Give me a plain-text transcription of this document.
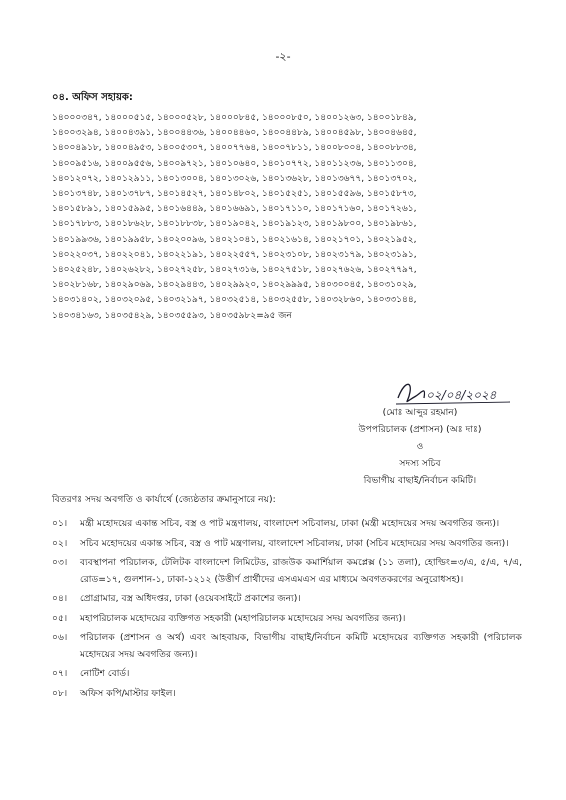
-২-
০৪. অফিস সহায়ক:
১৪০০০৩৪৭, ১৪০০০৫১৫, ১৪০০০৫২৮, ১৪০০০৮৪৫, ১৪০০০৮৫০, ১৪০০১২৬৩, ১৪০০১৮৪৯,
১৪০০৩২৯৪, ১৪০০৪৩৯১, ১৪০০৪৪৩৬, ১৪০০৪৪৬০, ১৪০০৪৪৮৯, ১৪০০৪৫৯৮, ১৪০০৪৬৪৫,
১৪০০৪৯১৮, ১৪০০৪৯৫৩, ১৪০০৫৩০৭, ১৪০০৭৭৬৪, ১৪০০৭৮১১, ১৪০০৮০০৪, ১৪০০৮৮৩৪,
১৪০০৯৫১৬, ১৪০০৯৫৫৬, ১৪০০৯৭২১, ১৪০১০৬৪০, ১৪০১০৭৭২, ১৪০১১২৩৬, ১৪০১১৩০৪,
১৪০১২০৭২, ১৪০১২৯১১, ১৪০১৩০০৪, ১৪০১৩০২৬, ১৪০১৩৬২৮, ১৪০১৩৬৭৭, ১৪০১৩৭০২,
১৪০১৩৭৪৮, ১৪০১৩৭৮৭, ১৪০১৪৫২৭, ১৪০১৪৮০২, ১৪০১৫২৫১, ১৪০১৫৫৯৬, ১৪০১৫৮৭৩,
১৪০১৫৮৯১, ১৪০১৫৯৯৫, ১৪০১৬৪৪৯, ১৪০১৬৬৯১, ১৪০১৭১১০, ১৪০১৭১৬০, ১৪০১৭২৬১,
১৪০১৭৮৮৩, ১৪০১৮৬২৮, ১৪০১৮৮৩৮, ১৪০১৯০৪২, ১৪০১৯১২৩, ১৪০১৯৮০০, ১৪০১৯৮৬১,
১৪০১৯৯৩৬, ১৪০১৯৯৫৮, ১৪০২০০৯৬, ১৪০২১০৪১, ১৪০২১৬১৪, ১৪০২১৭০১, ১৪০২১৯৫২,
১৪০২২০৩৭, ১৪০২২০৪১, ১৪০২২১৯১, ১৪০২২৫৫৭, ১৪০২৩১০৮, ১৪০২৩১৭৯, ১৪০২৩১৯১,
১৪০২৫২৪৮, ১৪০২৬২৮২, ১৪০২৭২৫৮, ১৪০২৭৩১৬, ১৪০২৭৫১৮, ১৪০২৭৬২৬, ১৪০২৭৭৯৭,
১৪০২৮১৬৮, ১৪০২৯০৬৯, ১৪০২৯৪৪৩, ১৪০২৯৯২০, ১৪০২৯৯৯৫, ১৪০৩০০৪৫, ১৪০৩১০২৯,
১৪০৩১৪০২, ১৪০৩২০৯৫, ১৪০৩২১৯৭, ১৪০৩২৫১৪, ১৪০৩২৫৫৮, ১৪০৩২৮৬০, ১৪০৩৩১৪৪,
১৪০৩৪১৬৩, ১৪০৩৫৪২৯, ১৪০৩৫৫৯৩, ১৪০৩৫৯৮২=৯৫ জন
০২/০৪/২০২৪
(মোঃ আব্দুর রহমান)
উপপরিচালক (প্রশাসন) (অঃ দাঃ)
ও
সদস্য সচিব
বিভাগীয় বাছাই/নির্বাচন কমিটি।
বিতরণঃ সদয় অবগতি ও কার্যার্থে (জ্যেষ্ঠতার ক্রমানুসারে নয়):
০১।	মন্ত্রী মহোদয়ের একান্ত সচিব, বস্ত্র ও পাট মন্ত্রণালয়, বাংলাদেশ সচিবালয়, ঢাকা (মন্ত্রী মহোদয়ের সদয় অবগতির জন্য)।
০২।	সচিব মহোদয়ের একান্ত সচিব, বস্ত্র ও পাট মন্ত্রণালয়, বাংলাদেশ সচিবালয়, ঢাকা (সচিব মহোদয়ের সদয় অবগতির জন্য)।
০৩।	ব্যবস্থাপনা পরিচালক, টেলিটক বাংলাদেশ লিমিটেড, রাজউক কমার্শিয়াল কমপ্লেক্স (১১ তলা), হোল্ডিং=৩/এ, ৫/এ, ৭/এ, রোড=১৭, গুলশান-১, ঢাকা-১২১২ (উত্তীর্ণ প্রার্থীদের এসএমএস এর মাধ্যমে অবগতকরণের অনুরোধসহ)।
০৪।	প্রোগ্রামার, বস্ত্র অধিদপ্তর, ঢাকা (ওয়েবসাইটে প্রকাশের জন্য)।
০৫।	মহাপরিচালক মহোদয়ের ব্যক্তিগত সহকারী (মহাপরিচালক মহোদয়ের সদয় অবগতির জন্য)।
০৬।	পরিচালক (প্রশাসন ও অর্থ) এবং আহবায়ক, বিভাগীয় বাছাই/নির্বাচন কমিটি মহোদয়ের ব্যক্তিগত সহকারী (পরিচালক মহোদয়ের সদয় অবগতির জন্য)।
০৭।	নোটিশ বোর্ড।
০৮।	অফিস কপি/মাস্টার ফাইল।
